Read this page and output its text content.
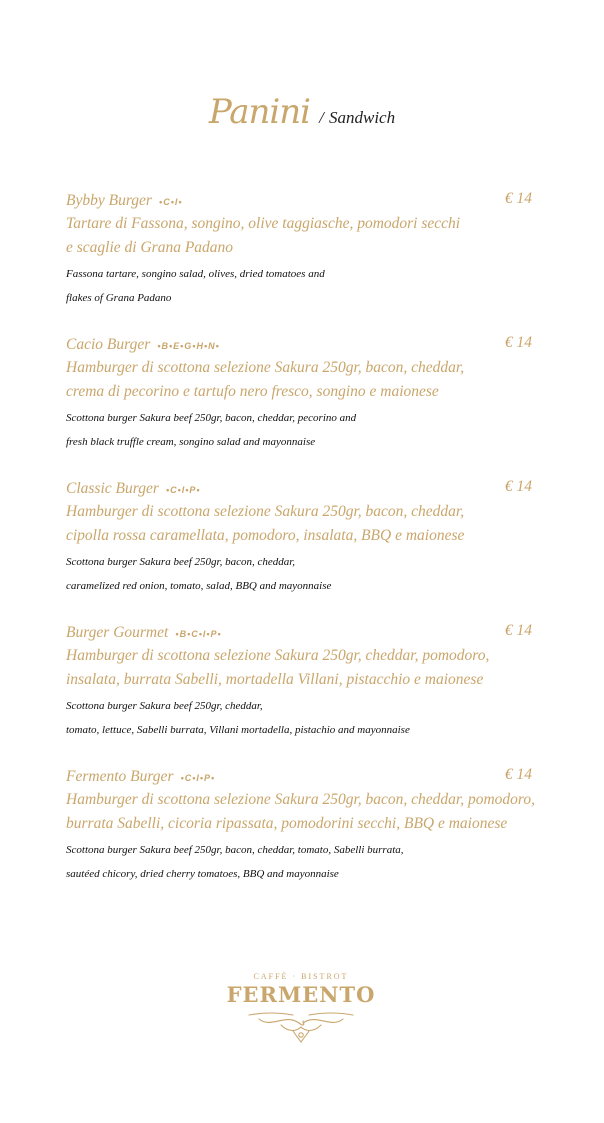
Panini / Sandwich
Bybby Burger •C•I•	€ 14
Tartare di Fassona, songino, olive taggiasche, pomodori secchi
e scaglie di Grana Padano
Fassona tartare, songino salad, olives, dried tomatoes and
flakes of Grana Padano
Cacio Burger •B•E•G•H•N•	€ 14
Hamburger di scottona selezione Sakura 250gr, bacon, cheddar,
crema di pecorino e tartufo nero fresco, songino e maionese
Scottona burger Sakura beef 250gr, bacon, cheddar, pecorino and
fresh black truffle cream, songino salad and mayonnaise
Classic Burger •C•I•P•	€ 14
Hamburger di scottona selezione Sakura 250gr, bacon, cheddar,
cipolla rossa caramellata, pomodoro, insalata, BBQ e maionese
Scottona burger Sakura beef 250gr, bacon, cheddar,
caramelized red onion, tomato, salad, BBQ and mayonnaise
Burger Gourmet •B•C•I•P•	€ 14
Hamburger di scottona selezione Sakura 250gr, cheddar, pomodoro,
insalata, burrata Sabelli, mortadella Villani, pistacchio e maionese
Scottona burger Sakura beef 250gr, cheddar,
tomato, lettuce, Sabelli burrata, Villani mortadella, pistachio and mayonnaise
Fermento Burger •C•I•P•	€ 14
Hamburger di scottona selezione Sakura 250gr, bacon, cheddar, pomodoro,
burrata Sabelli, cicoria ripassata, pomodorini secchi, BBQ e maionese
Scottona burger Sakura beef 250gr, bacon, cheddar, tomato, Sabelli burrata,
sautéed chicory, dried cherry tomatoes, BBQ and mayonnaise
CAFFÈ · BISTROT
FERMENTO
